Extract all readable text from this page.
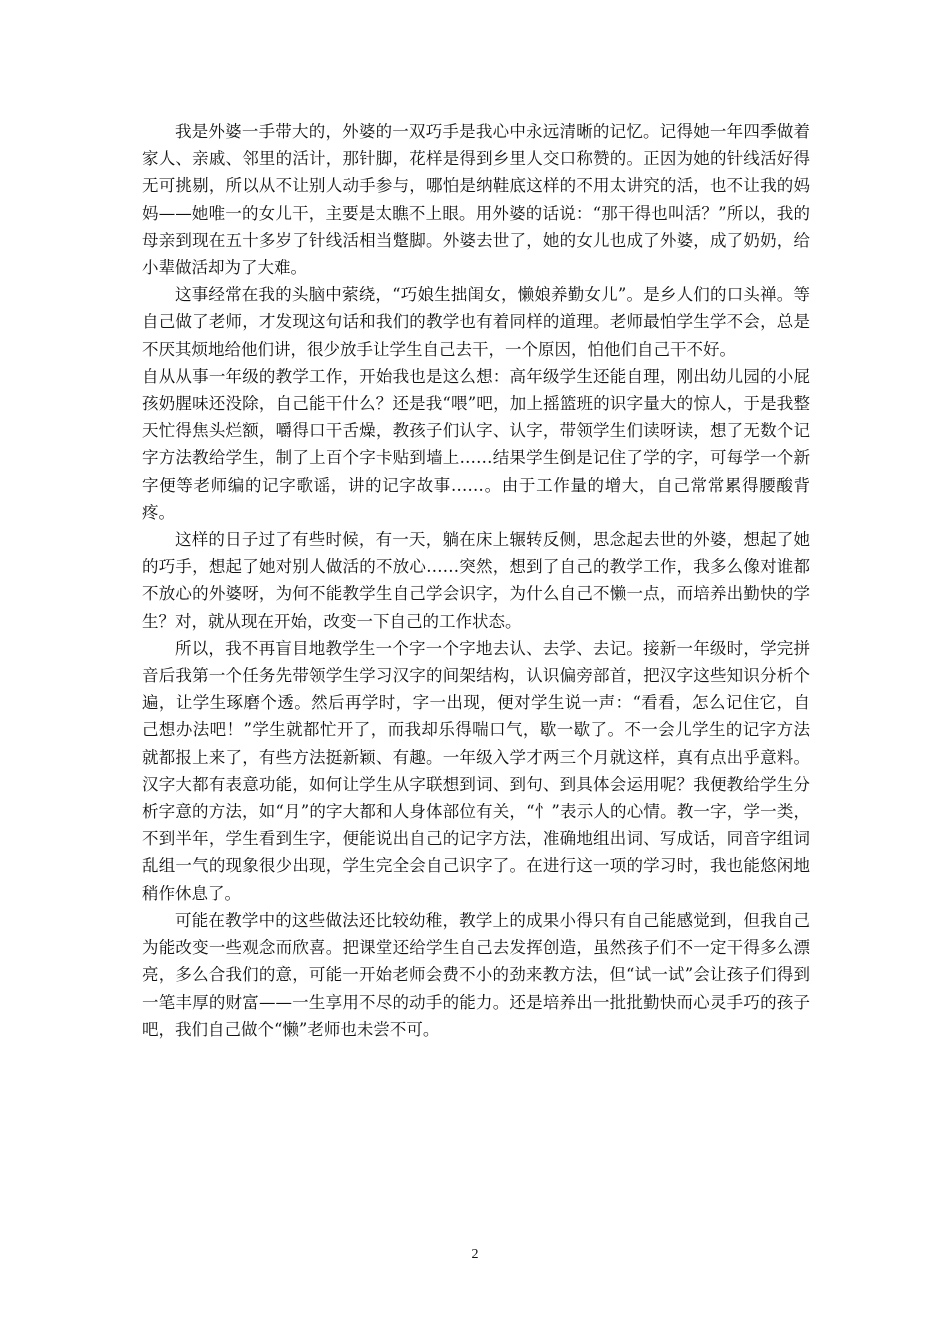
我是外婆一手带大的，外婆的一双巧手是我心中永远清晰的记忆。记得她一年四季做着家人、亲戚、邻里的活计，那针脚，花样是得到乡里人交口称赞的。正因为她的针线活好得无可挑剔，所以从不让别人动手参与，哪怕是纳鞋底这样的不用太讲究的活，也不让我的妈妈——她唯一的女儿干，主要是太瞧不上眼。用外婆的话说：“那干得也叫活？”所以，我的母亲到现在五十多岁了针线活相当蹩脚。外婆去世了，她的女儿也成了外婆，成了奶奶，给小辈做活却为了大难。

这事经常在我的头脑中萦绕，“巧娘生拙闺女，懒娘养勤女儿”。是乡人们的口头禅。等自己做了老师，才发现这句话和我们的教学也有着同样的道理。老师最怕学生学不会，总是不厌其烦地给他们讲，很少放手让学生自己去干，一个原因，怕他们自己干不好。

自从从事一年级的教学工作，开始我也是这么想：高年级学生还能自理，刚出幼儿园的小屁孩奶腥味还没除，自己能干什么？还是我“喂”吧，加上摇篮班的识字量大的惊人，于是我整天忙得焦头烂额，嚼得口干舌燥，教孩子们认字、认字，带领学生们读呀读，想了无数个记字方法教给学生，制了上百个字卡贴到墙上……结果学生倒是记住了学的字，可每学一个新字便等老师编的记字歌谣，讲的记字故事……。由于工作量的增大，自己常常累得腰酸背疼。

这样的日子过了有些时候，有一天，躺在床上辗转反侧，思念起去世的外婆，想起了她的巧手，想起了她对别人做活的不放心……突然，想到了自己的教学工作，我多么像对谁都不放心的外婆呀，为何不能教学生自己学会识字，为什么自己不懒一点，而培养出勤快的学生？对，就从现在开始，改变一下自己的工作状态。

所以，我不再盲目地教学生一个字一个字地去认、去学、去记。接新一年级时，学完拼音后我第一个任务先带领学生学习汉字的间架结构，认识偏旁部首，把汉字这些知识分析个遍，让学生琢磨个透。然后再学时，字一出现，便对学生说一声：“看看，怎么记住它，自己想办法吧！”学生就都忙开了，而我却乐得喘口气，歇一歇了。不一会儿学生的记字方法就都报上来了，有些方法挺新颖、有趣。一年级入学才两三个月就这样，真有点出乎意料。汉字大都有表意功能，如何让学生从字联想到词、到句、到具体会运用呢？我便教给学生分析字意的方法，如“月”的字大都和人身体部位有关，“忄”表示人的心情。教一字，学一类，不到半年，学生看到生字，便能说出自己的记字方法，准确地组出词、写成话，同音字组词乱组一气的现象很少出现，学生完全会自己识字了。在进行这一项的学习时，我也能悠闲地稍作休息了。

可能在教学中的这些做法还比较幼稚，教学上的成果小得只有自己能感觉到，但我自己为能改变一些观念而欣喜。把课堂还给学生自己去发挥创造，虽然孩子们不一定干得多么漂亮，多么合我们的意，可能一开始老师会费不小的劲来教方法，但“试一试”会让孩子们得到一笔丰厚的财富——一生享用不尽的动手的能力。还是培养出一批批勤快而心灵手巧的孩子吧，我们自己做个“懒”老师也未尝不可。

2
